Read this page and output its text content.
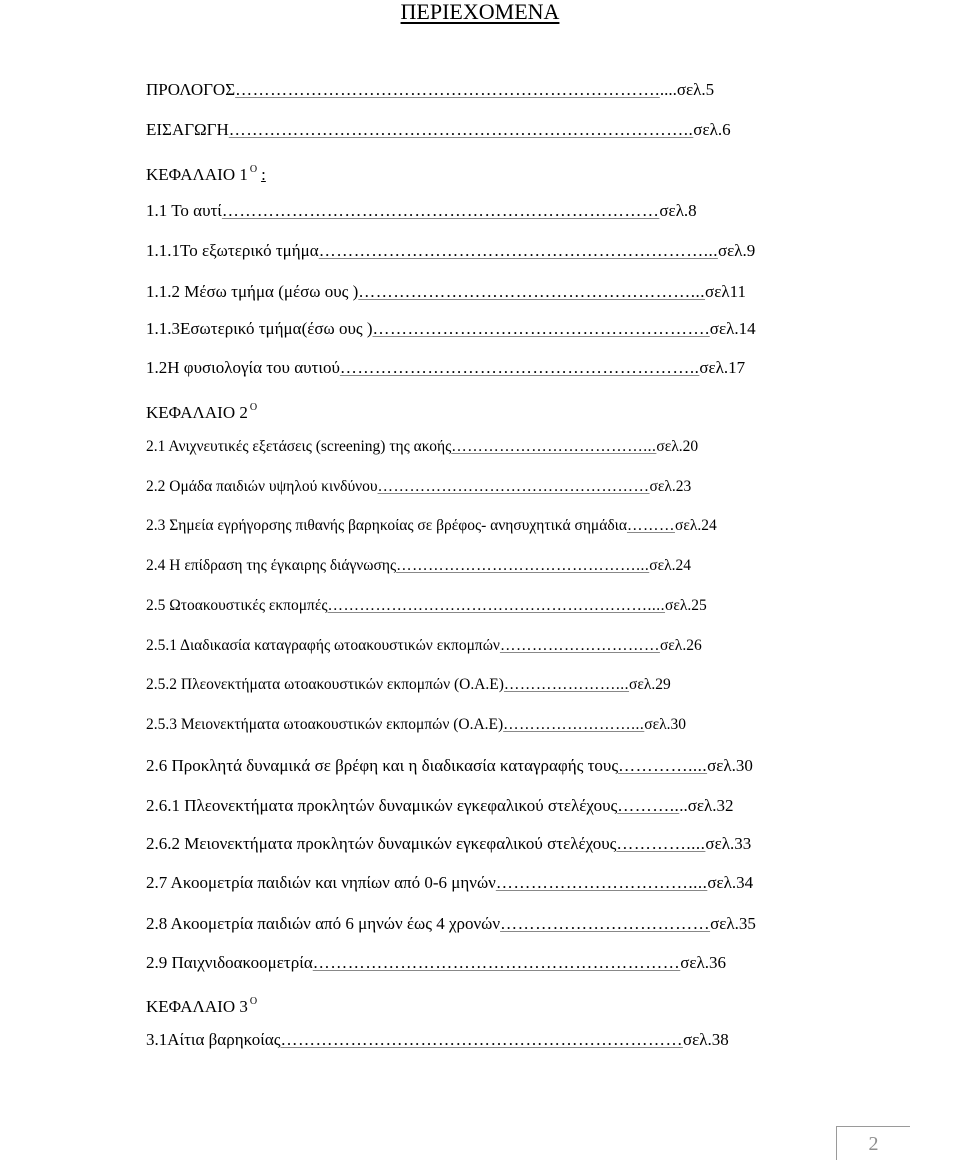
ΠΕΡΙΕΧΟΜΕΝΑ
ΠΡΟΛΟΓΟΣ……………………………………………………………….....σελ.5
ΕΙΣΑΓΩΓΗ……………………………………………………………………..σελ.6
ΚΕΦΑΛΑΙΟ 1 $^O$ :
1.1 Το αυτί…………………………………………………………………σελ.8
1.1.1Το εξωτερικό τμήμα…………………………………………………………...σελ.9
1.1.2 Μέσω τμήμα (μέσω ους )…………………………………………………...σελ11
1.1.3Εσωτερικό τμήμα(έσω ους )………………………………………………….σελ.14
1.2Η φυσιολογία του αυτιού……………………………………………………..σελ.17
ΚΕΦΑΛΑΙΟ 2 $^O$
2.1 Ανιχνευτικές εξετάσεις (screening) της ακοής………………………………...σελ.20
2.2 Ομάδα παιδιών υψηλού κινδύνου……………………………………………σελ.23
2.3 Σημεία εγρήγορσης πιθανής βαρηκοίας σε βρέφος- ανησυχητικά σημάδια………σελ.24
2.4 Η επίδραση της έγκαιρης διάγνωσης………………………………………...σελ.24
2.5 Ωτοακουστικές εκπομπές……………………………………………………....σελ.25
2.5.1 Διαδικασία καταγραφής ωτοακουστικών εκπομπών…………………………σελ.26
2.5.2 Πλεονεκτήματα ωτοακουστικών εκπομπών (Ο.Α.Ε)…………………...σελ.29
2.5.3 Μειονεκτήματα ωτοακουστικών εκπομπών (Ο.Α.Ε)……………………...σελ.30
2.6 Προκλητά δυναμικά σε βρέφη και η διαδικασία καταγραφής τους…………....σελ.30
2.6.1 Πλεονεκτήματα προκλητών δυναμικών εγκεφαλικού στελέχους………....σελ.32
2.6.2 Μειονεκτήματα προκλητών δυναμικών εγκεφαλικού στελέχους…………....σελ.33
2.7 Ακοομετρία παιδιών και νηπίων από 0-6 μηνών……………………………....σελ.34
2.8 Ακοομετρία παιδιών από 6 μηνών έως 4 χρονών………………………………σελ.35
2.9 Παιχνιδοακοομετρία………………………………………………………σελ.36
ΚΕΦΑΛΑΙΟ 3 $^O$
3.1Αίτια βαρηκοίας……………………………………………………………σελ.38
2
